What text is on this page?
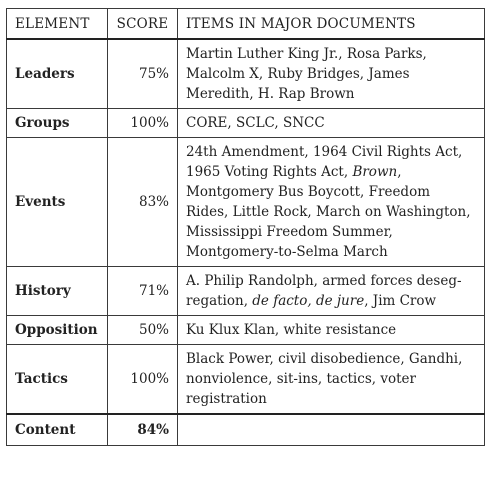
ELEMENT	SCORE	ITEMS IN MAJOR DOCUMENTS
Leaders	75%	Martin Luther King Jr., Rosa Parks, Malcolm X, Ruby Bridges, James Meredith, H. Rap Brown
Groups	100%	CORE, SCLC, SNCC
Events	83%	24th Amendment, 1964 Civil Rights Act, 1965 Voting Rights Act, Brown, Montgomery Bus Boycott, Freedom Rides, Little Rock, March on Washington, Mississippi Freedom Summer, Montgomery-to-Selma March
History	71%	A. Philip Randolph, armed forces desegregation, de facto, de jure, Jim Crow
Opposition	50%	Ku Klux Klan, white resistance
Tactics	100%	Black Power, civil disobedience, Gandhi, nonviolence, sit-ins, tactics, voter registration
Content	84%	
